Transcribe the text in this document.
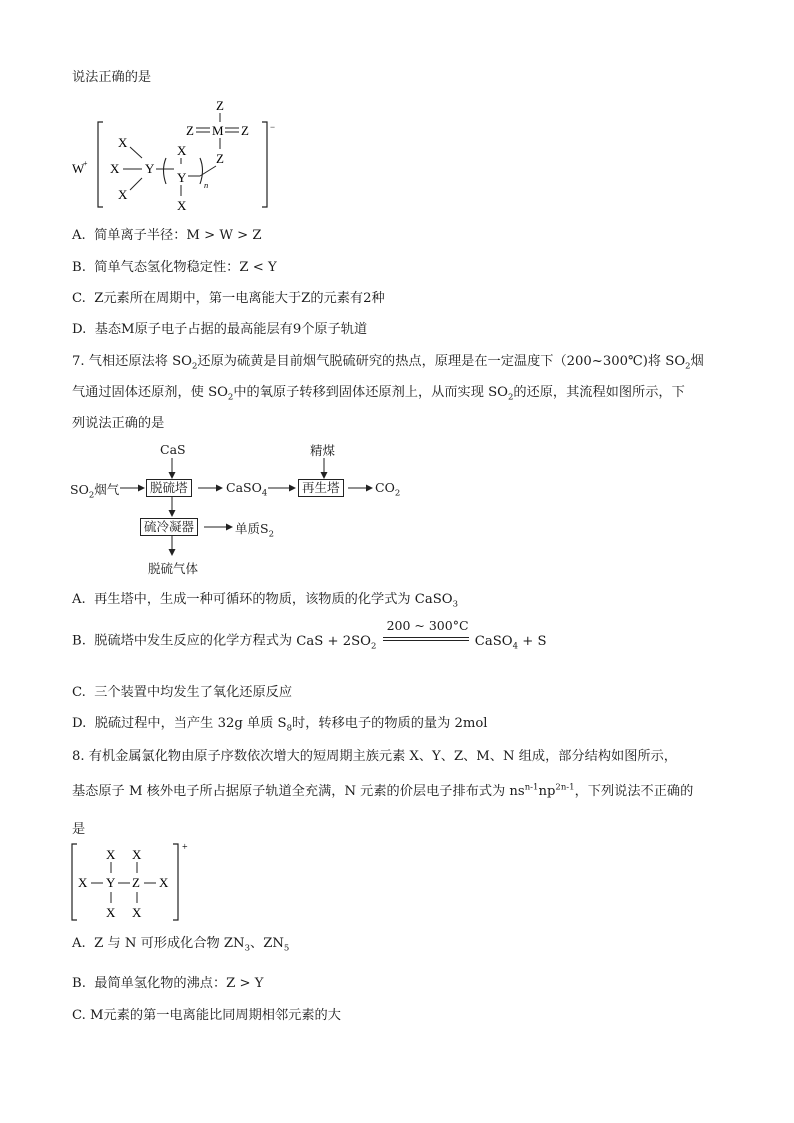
说法正确的是
W
+
−
X
X
X
Y
X
Y
X
n
Z
Z M Z
Z
A. 简单离子半径：M > W > Z
B. 简单气态氢化物稳定性：Z < Y
C. Z元素所在周期中，第一电离能大于Z的元素有2种
D. 基态M原子电子占据的最高能层有9个原子轨道
7. 气相还原法将 $SO_2$还原为硫黄是目前烟气脱硫研究的热点，原理是在一定温度下（200~300℃)将 $SO_2$烟
气通过固体还原剂，使 $SO_2$中的氧原子转移到固体还原剂上，从而实现 $SO_2$的还原，其流程如图所示，下
列说法正确的是
CaS	精煤
$SO_2$烟气	脱硫塔	CaSO$_4$	再生塔	$CO_2$
硫冷凝器	单质$S_2$
脱硫气体
A. 再生塔中，生成一种可循环的物质，该物质的化学式为 CaSO$_3$
B. 脱硫塔中发生反应的化学方程式为 CaS + $2SO_2$
200 ~ 300°C
CaSO$_4$ + S
C. 三个装置中均发生了氧化还原反应
D. 脱硫过程中，当产生 32g 单质 $S_8$时，转移电子的物质的量为 2mol
8. 有机金属氯化物由原子序数依次增大的短周期主族元素 X、Y、Z、M、N 组成，部分结构如图所示，
基态原子 M 核外电子所占据原子轨道全充满，N 元素的价层电子排布式为 $ns^{n-1}np^{2n-1}$，下列说法不正确的
是
+
X X
X Y Z X
X X
A. Z 与 N 可形成化合物 $ZN_3$、$ZN_5$
B. 最简单氢化物的沸点：Z > Y
C. M元素的第一电离能比同周期相邻元素的大
